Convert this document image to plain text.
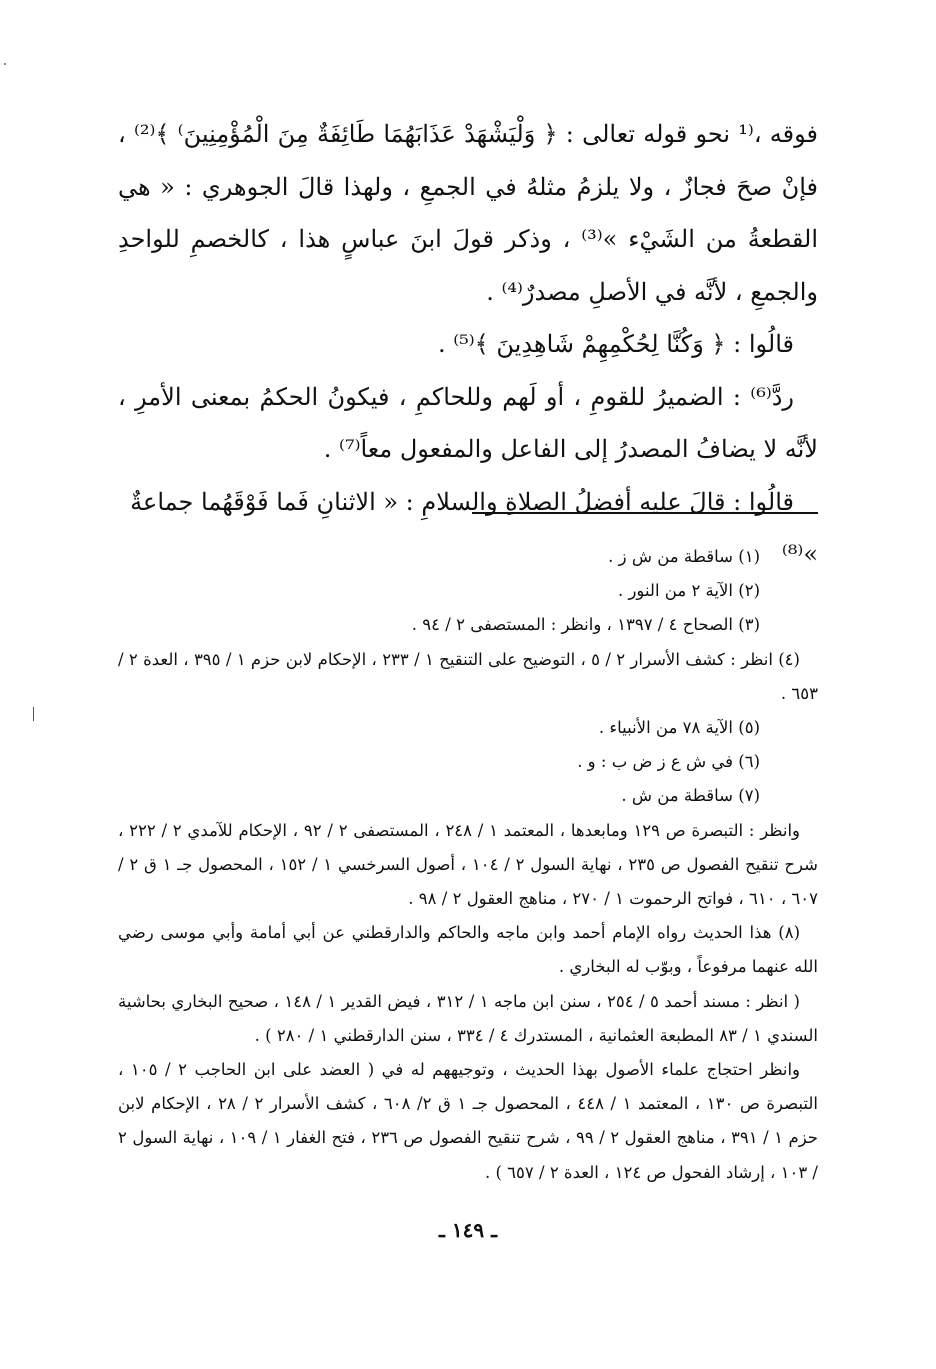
فوقه ،⁽¹ نحو قوله تعالى : ﴿ وَلْيَشْهَدْ عَذَابَهُمَا طَائِفَةٌ مِنَ الْمُؤْمِنِينَ⁾ ﴾⁽²⁾ ، فإنْ صحَ فجازٌ ، ولا يلزمُ مثلهُ في الجمعِ ، ولهذا قالَ الجوهري : « هي القطعةُ من الشَيْء »⁽³⁾ ، وذكر قولَ ابنَ عباسٍ هذا ، كالخصمِ للواحدِ والجمعِ ، لأنَّه في الأصلِ مصدرٌ⁽⁴⁾ .

قالُوا : ﴿ وَكُنَّا لِحُكْمِهِمْ شَاهِدِينَ ﴾⁽⁵⁾ .

ردَّ⁽⁶⁾ : الضميرُ للقومِ ، أو لَهم وللحاكمِ ، فيكونُ الحكمُ بمعنى الأمرِ ، لأنَّه لا يضافُ المصدرُ إلى الفاعل والمفعول معاً⁽⁷⁾ .

قالُوا : قالَ عليه أفضلُ الصلاةِ والسلامِ : « الاثنانِ فَما فَوْقَهُما جماعةٌ »⁽⁸⁾

(١) ساقطة من ش ز .

(٢) الآية ٢ من النور .

(٣) الصحاح ٤ / ١٣٩٧ ، وانظر : المستصفى ٢ / ٩٤ .

(٤) انظر : كشف الأسرار ٢ / ٥ ، التوضيح على التنقيح ١ / ٢٣٣ ، الإحكام لابن حزم ١ / ٣٩٥ ، العدة ٢ / ٦٥٣ .

(٥) الآية ٧٨ من الأنبياء .

(٦) في ش ع ز ض ب : و .

(٧) ساقطة من ش .

وانظر : التبصرة ص ١٢٩ ومابعدها ، المعتمد ١ / ٢٤٨ ، المستصفى ٢ / ٩٢ ، الإحكام للآمدي ٢ / ٢٢٢ ، شرح تنقيح الفصول ص ٢٣٥ ، نهاية السول ٢ / ١٠٤ ، أصول السرخسي ١ / ١٥٢ ، المحصول جـ ١ ق ٢ / ٦٠٧ ، ٦١٠ ، فواتح الرحموت ١ / ٢٧٠ ، مناهج العقول ٢ / ٩٨ .

(٨) هذا الحديث رواه الإمام أحمد وابن ماجه والحاكم والدارقطني عن أبي أمامة وأبي موسى رضي الله عنهما مرفوعاً ، وبوّب له البخاري .

( انظر : مسند أحمد ٥ / ٢٥٤ ، سنن ابن ماجه ١ / ٣١٢ ، فيض القدير ١ / ١٤٨ ، صحيح البخاري بحاشية السندي ١ / ٨٣ المطبعة العثمانية ، المستدرك ٤ / ٣٣٤ ، سنن الدارقطني ١ / ٢٨٠ ) .

وانظر احتجاج علماء الأصول بهذا الحديث ، وتوجيههم له في ( العضد على ابن الحاجب ٢ / ١٠٥ ، التبصرة ص ١٣٠ ، المعتمد ١ / ٤٤٨ ، المحصول جـ ١ ق ٢/ ٦٠٨ ، كشف الأسرار ٢ / ٢٨ ، الإحكام لابن حزم ١ / ٣٩١ ، مناهج العقول ٢ / ٩٩ ، شرح تنقيح الفصول ص ٢٣٦ ، فتح الغفار ١ / ١٠٩ ، نهاية السول ٢ / ١٠٣ ، إرشاد الفحول ص ١٢٤ ، العدة ٢ / ٦٥٧ ) .

ـ ١٤٩ ـ
